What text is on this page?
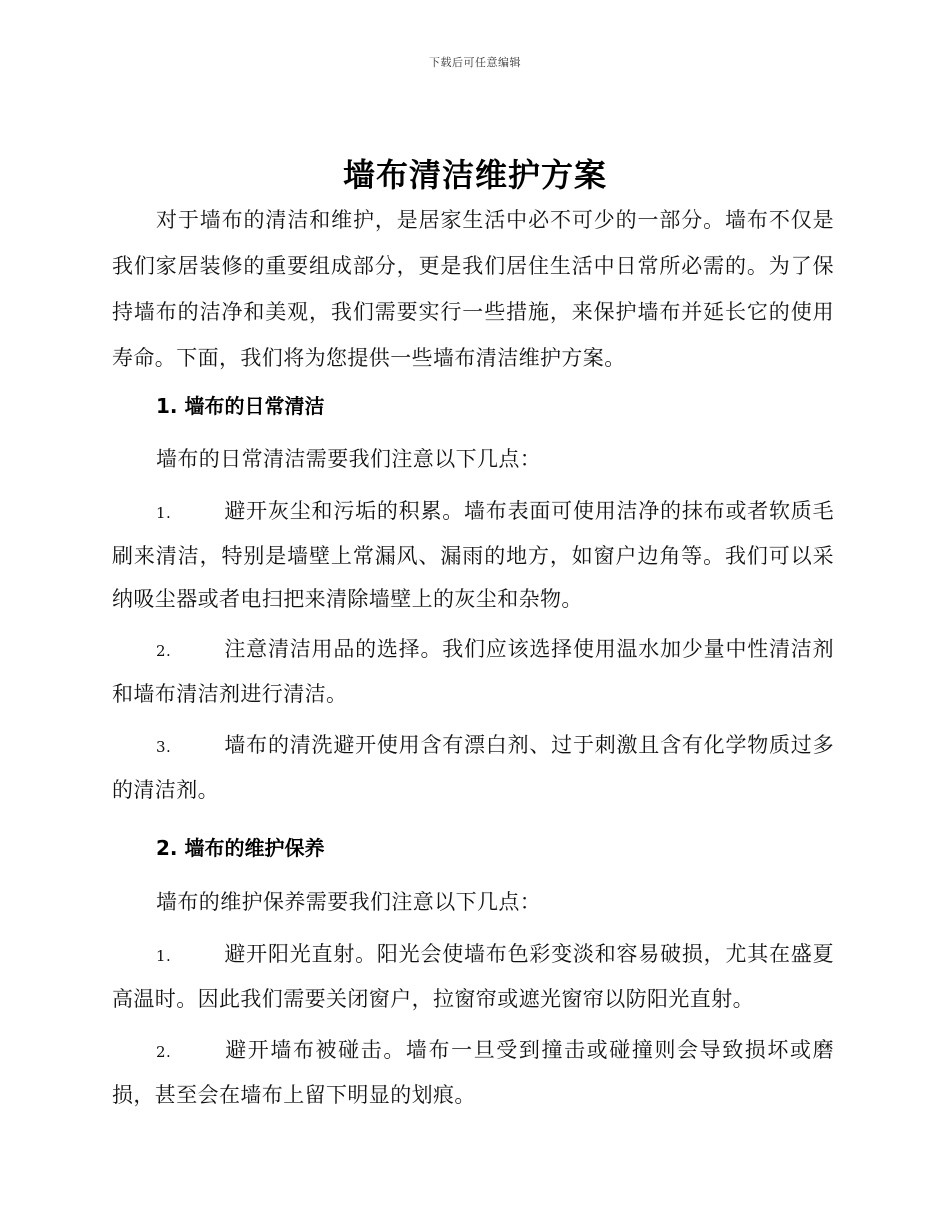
下载后可任意编辑
墙布清洁维护方案
对于墙布的清洁和维护，是居家生活中必不可少的一部分。墙布不仅是我们家居装修的重要组成部分，更是我们居住生活中日常所必需的。为了保持墙布的洁净和美观，我们需要实行一些措施，来保护墙布并延长它的使用寿命。下面，我们将为您提供一些墙布清洁维护方案。
1. 墙布的日常清洁
墙布的日常清洁需要我们注意以下几点：
1.	避开灰尘和污垢的积累。墙布表面可使用洁净的抹布或者软质毛刷来清洁，特别是墙壁上常漏风、漏雨的地方，如窗户边角等。我们可以采纳吸尘器或者电扫把来清除墙壁上的灰尘和杂物。
2.	注意清洁用品的选择。我们应该选择使用温水加少量中性清洁剂和墙布清洁剂进行清洁。
3.	墙布的清洗避开使用含有漂白剂、过于刺激且含有化学物质过多的清洁剂。
2. 墙布的维护保养
墙布的维护保养需要我们注意以下几点：
1.	避开阳光直射。阳光会使墙布色彩变淡和容易破损，尤其在盛夏高温时。因此我们需要关闭窗户，拉窗帘或遮光窗帘以防阳光直射。
2.	避开墙布被碰击。墙布一旦受到撞击或碰撞则会导致损坏或磨损，甚至会在墙布上留下明显的划痕。
